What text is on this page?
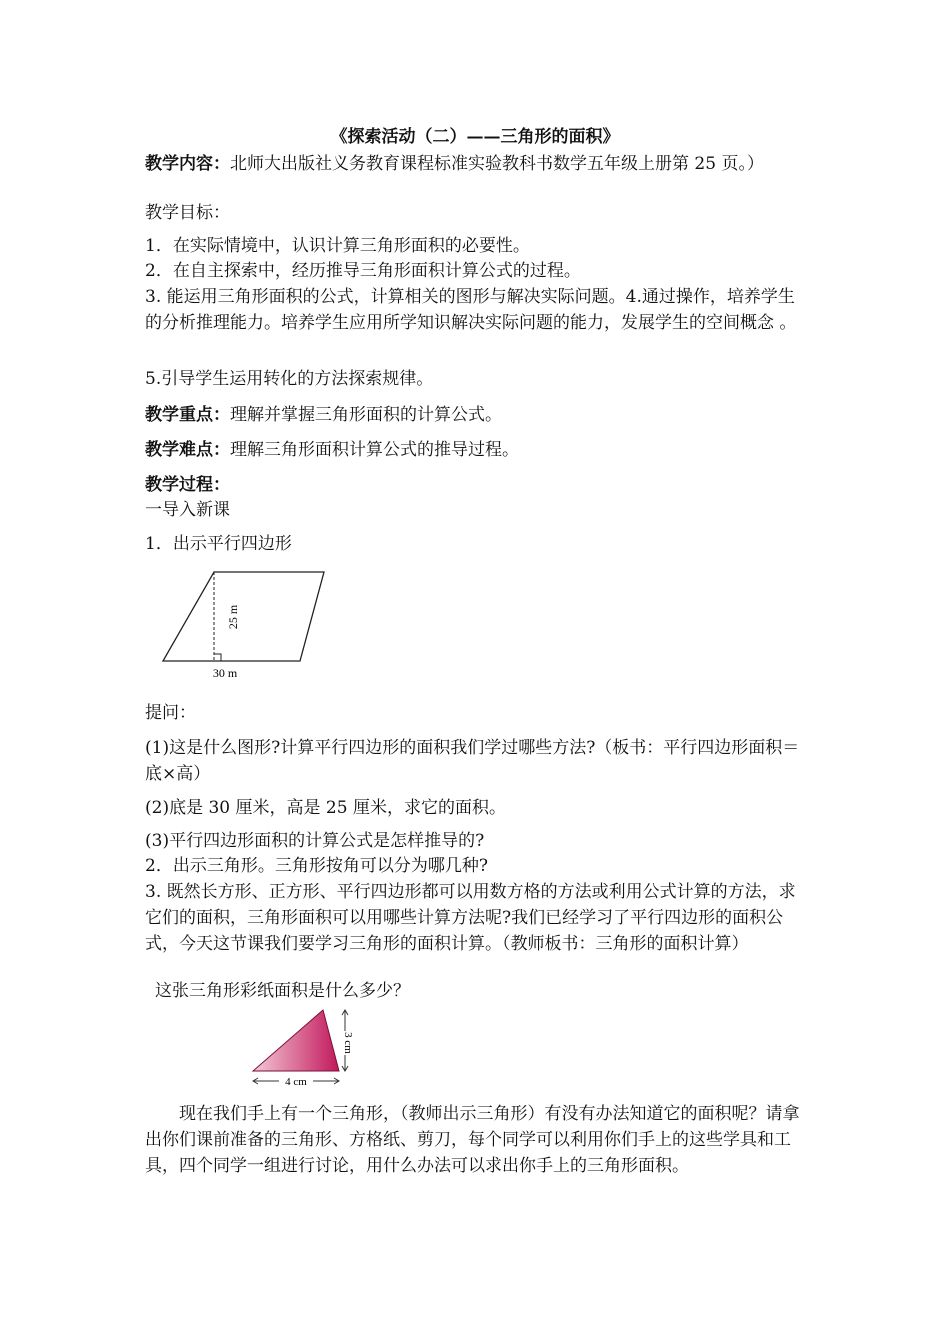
《探索活动（二）——三角形的面积》

教学内容：北师大出版社义务教育课程标准实验教科书数学五年级上册第 25 页。）

教学目标：

1．在实际情境中，认识计算三角形面积的必要性。

2．在自主探索中，经历推导三角形面积计算公式的过程。

3. 能运用三角形面积的公式，计算相关的图形与解决实际问题。4.通过操作，培养学生的分析推理能力。培养学生应用所学知识解决实际问题的能力，发展学生的空间概念 。

5.引导学生运用转化的方法探索规律。

教学重点：理解并掌握三角形面积的计算公式。

教学难点：理解三角形面积计算公式的推导过程。

教学过程：

一导入新课

1．出示平行四边形

25 m
30 m

提问：

(1)这是什么图形?计算平行四边形的面积我们学过哪些方法?（板书：平行四边形面积＝底×高）

(2)底是 30 厘米，高是 25 厘米，求它的面积。

(3)平行四边形面积的计算公式是怎样推导的?

2．出示三角形。三角形按角可以分为哪几种?

3. 既然长方形、正方形、平行四边形都可以用数方格的方法或利用公式计算的方法，求它们的面积，三角形面积可以用哪些计算方法呢?我们已经学习了平行四边形的面积公式，今天这节课我们要学习三角形的面积计算。（教师板书：三角形的面积计算）

这张三角形彩纸面积是什么多少？

3 cm
4 cm

现在我们手上有一个三角形，（教师出示三角形）有没有办法知道它的面积呢？请拿出你们课前准备的三角形、方格纸、剪刀，每个同学可以利用你们手上的这些学具和工具，四个同学一组进行讨论，用什么办法可以求出你手上的三角形面积。
